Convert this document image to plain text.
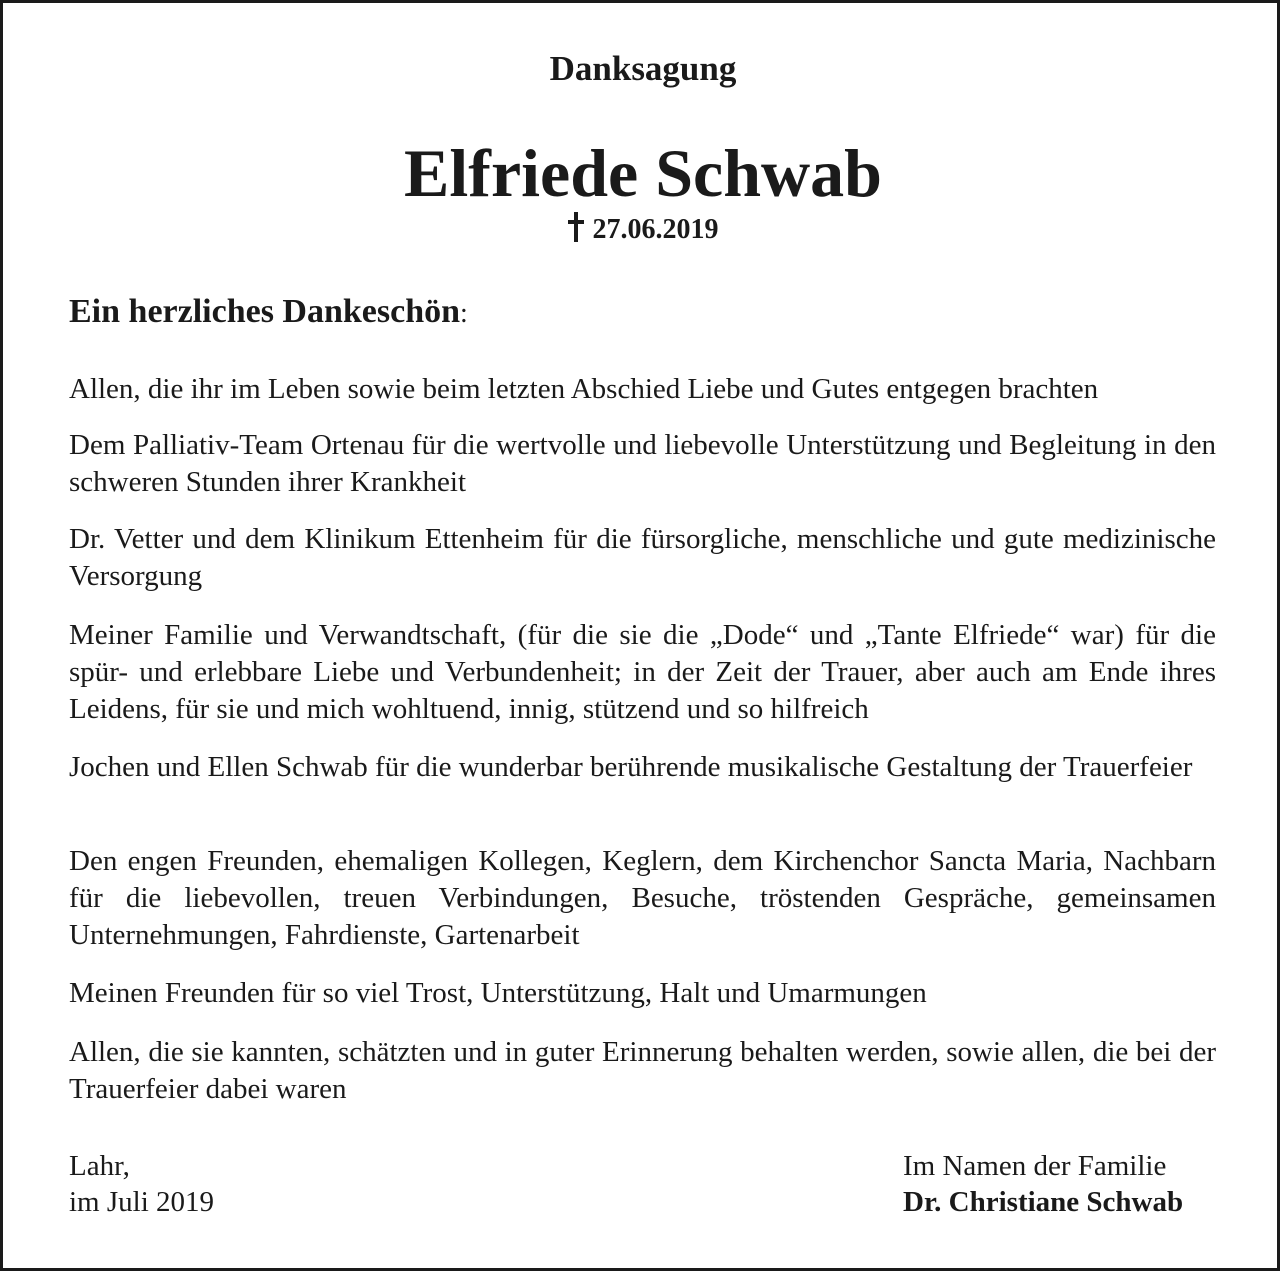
Danksagung
Elfriede Schwab
27.06.2019
Ein herzliches Dankeschön:
Allen, die ihr im Leben sowie beim letzten Abschied Liebe und Gutes entgegen brachten
Dem Palliativ-Team Ortenau für die wertvolle und liebevolle Unterstützung und Begleitung in den schweren Stunden ihrer Krankheit
Dr. Vetter und dem Klinikum Ettenheim für die fürsorgliche, menschliche und gute medizinische Versorgung
Meiner Familie und Verwandtschaft, (für die sie die „Dode“ und „Tante Elfriede“ war) für die spür- und erlebbare Liebe und Verbundenheit; in der Zeit der Trauer, aber auch am Ende ihres Leidens, für sie und mich wohltuend, innig, stützend und so hilfreich
Jochen und Ellen Schwab für die wunderbar berührende musikalische Gestaltung der Trauerfeier
Den engen Freunden, ehemaligen Kollegen, Keglern, dem Kirchenchor Sancta Maria, Nachbarn für die liebevollen, treuen Verbindungen, Besuche, tröstenden Gespräche, gemeinsamen Unternehmungen, Fahrdienste, Gartenarbeit
Meinen Freunden für so viel Trost, Unterstützung, Halt und Umarmungen
Allen, die sie kannten, schätzten und in guter Erinnerung behalten werden, sowie allen, die bei der Trauerfeier dabei waren
Lahr,
im Juli 2019
Im Namen der Familie
Dr. Christiane Schwab
